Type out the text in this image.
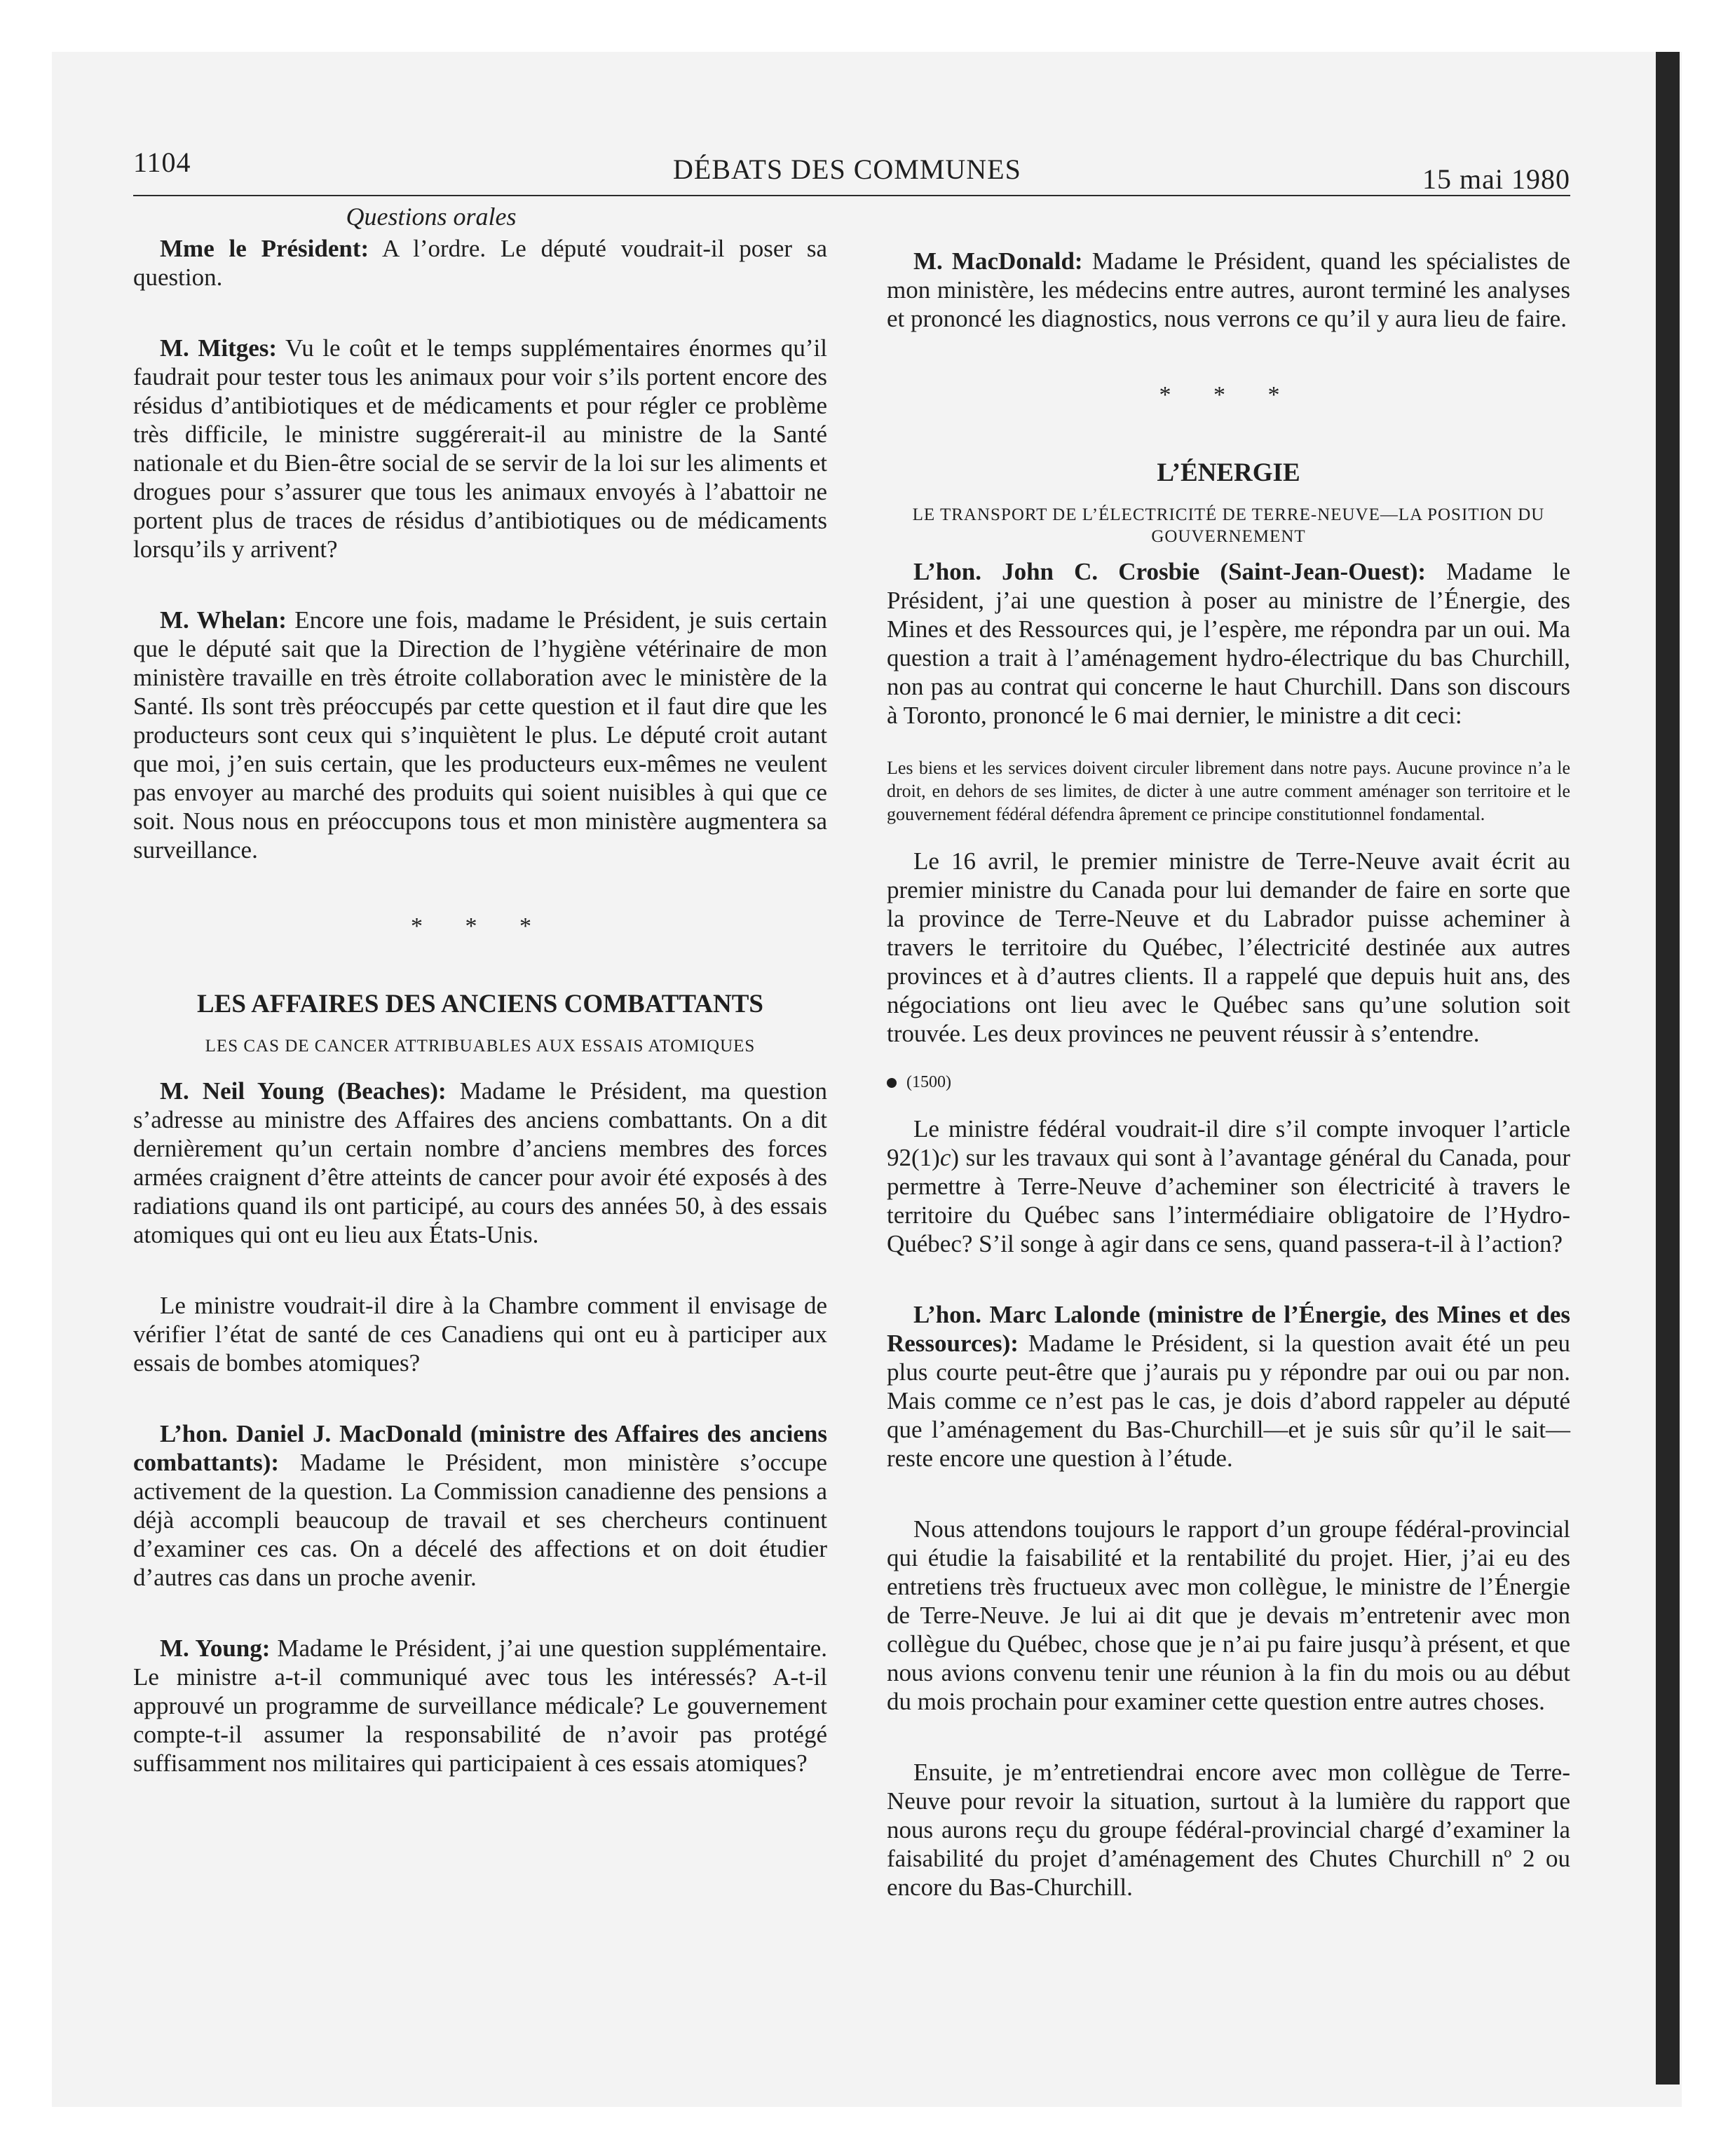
1104	DÉBATS DES COMMUNES	15 mai 1980
Questions orales

Mme le Président: A l’ordre. Le député voudrait-il poser sa question.

M. Mitges: Vu le coût et le temps supplémentaires énormes qu’il faudrait pour tester tous les animaux pour voir s’ils portent encore des résidus d’antibiotiques et de médicaments et pour régler ce problème très difficile, le ministre suggérerait-il au ministre de la Santé nationale et du Bien-être social de se servir de la loi sur les aliments et drogues pour s’assurer que tous les animaux envoyés à l’abattoir ne portent plus de traces de résidus d’antibiotiques ou de médicaments lorsqu’ils y arrivent?

M. Whelan: Encore une fois, madame le Président, je suis certain que le député sait que la Direction de l’hygiène vétérinaire de mon ministère travaille en très étroite collaboration avec le ministère de la Santé. Ils sont très préoccupés par cette question et il faut dire que les producteurs sont ceux qui s’inquiètent le plus. Le député croit autant que moi, j’en suis certain, que les producteurs eux-mêmes ne veulent pas envoyer au marché des produits qui soient nuisibles à qui que ce soit. Nous nous en préoccupons tous et mon ministère augmentera sa surveillance.

* * *
LES AFFAIRES DES ANCIENS COMBATTANTS
LES CAS DE CANCER ATTRIBUABLES AUX ESSAIS ATOMIQUES

M. Neil Young (Beaches): Madame le Président, ma question s’adresse au ministre des Affaires des anciens combattants. On a dit dernièrement qu’un certain nombre d’anciens membres des forces armées craignent d’être atteints de cancer pour avoir été exposés à des radiations quand ils ont participé, au cours des années 50, à des essais atomiques qui ont eu lieu aux États-Unis.

Le ministre voudrait-il dire à la Chambre comment il envisage de vérifier l’état de santé de ces Canadiens qui ont eu à participer aux essais de bombes atomiques?

L’hon. Daniel J. MacDonald (ministre des Affaires des anciens combattants): Madame le Président, mon ministère s’occupe activement de la question. La Commission canadienne des pensions a déjà accompli beaucoup de travail et ses chercheurs continuent d’examiner ces cas. On a décelé des affections et on doit étudier d’autres cas dans un proche avenir.

M. Young: Madame le Président, j’ai une question supplémentaire. Le ministre a-t-il communiqué avec tous les intéressés? A-t-il approuvé un programme de surveillance médicale? Le gouvernement compte-t-il assumer la responsabilité de n’avoir pas protégé suffisamment nos militaires qui participaient à ces essais atomiques?

M. MacDonald: Madame le Président, quand les spécialistes de mon ministère, les médecins entre autres, auront terminé les analyses et prononcé les diagnostics, nous verrons ce qu’il y aura lieu de faire.

* * *
L’ÉNERGIE
LE TRANSPORT DE L’ÉLECTRICITÉ DE TERRE-NEUVE—LA POSITION DU GOUVERNEMENT

L’hon. John C. Crosbie (Saint-Jean-Ouest): Madame le Président, j’ai une question à poser au ministre de l’Énergie, des Mines et des Ressources qui, je l’espère, me répondra par un oui. Ma question a trait à l’aménagement hydro-électrique du bas Churchill, non pas au contrat qui concerne le haut Churchill. Dans son discours à Toronto, prononcé le 6 mai dernier, le ministre a dit ceci:

Les biens et les services doivent circuler librement dans notre pays. Aucune province n’a le droit, en dehors de ses limites, de dicter à une autre comment aménager son territoire et le gouvernement fédéral défendra âprement ce principe constitutionnel fondamental.

Le 16 avril, le premier ministre de Terre-Neuve avait écrit au premier ministre du Canada pour lui demander de faire en sorte que la province de Terre-Neuve et du Labrador puisse acheminer à travers le territoire du Québec, l’électricité destinée aux autres provinces et à d’autres clients. Il a rappelé que depuis huit ans, des négociations ont lieu avec le Québec sans qu’une solution soit trouvée. Les deux provinces ne peuvent réussir à s’entendre.

(1500)

Le ministre fédéral voudrait-il dire s’il compte invoquer l’article 92(1)c) sur les travaux qui sont à l’avantage général du Canada, pour permettre à Terre-Neuve d’acheminer son électricité à travers le territoire du Québec sans l’intermédiaire obligatoire de l’Hydro-Québec? S’il songe à agir dans ce sens, quand passera-t-il à l’action?

L’hon. Marc Lalonde (ministre de l’Énergie, des Mines et des Ressources): Madame le Président, si la question avait été un peu plus courte peut-être que j’aurais pu y répondre par oui ou par non. Mais comme ce n’est pas le cas, je dois d’abord rappeler au député que l’aménagement du Bas-Churchill—et je suis sûr qu’il le sait—reste encore une question à l’étude.

Nous attendons toujours le rapport d’un groupe fédéral-provincial qui étudie la faisabilité et la rentabilité du projet. Hier, j’ai eu des entretiens très fructueux avec mon collègue, le ministre de l’Énergie de Terre-Neuve. Je lui ai dit que je devais m’entretenir avec mon collègue du Québec, chose que je n’ai pu faire jusqu’à présent, et que nous avions convenu tenir une réunion à la fin du mois ou au début du mois prochain pour examiner cette question entre autres choses.

Ensuite, je m’entretiendrai encore avec mon collègue de Terre-Neuve pour revoir la situation, surtout à la lumière du rapport que nous aurons reçu du groupe fédéral-provincial chargé d’examiner la faisabilité du projet d’aménagement des Chutes Churchill nº 2 ou encore du Bas-Churchill.
